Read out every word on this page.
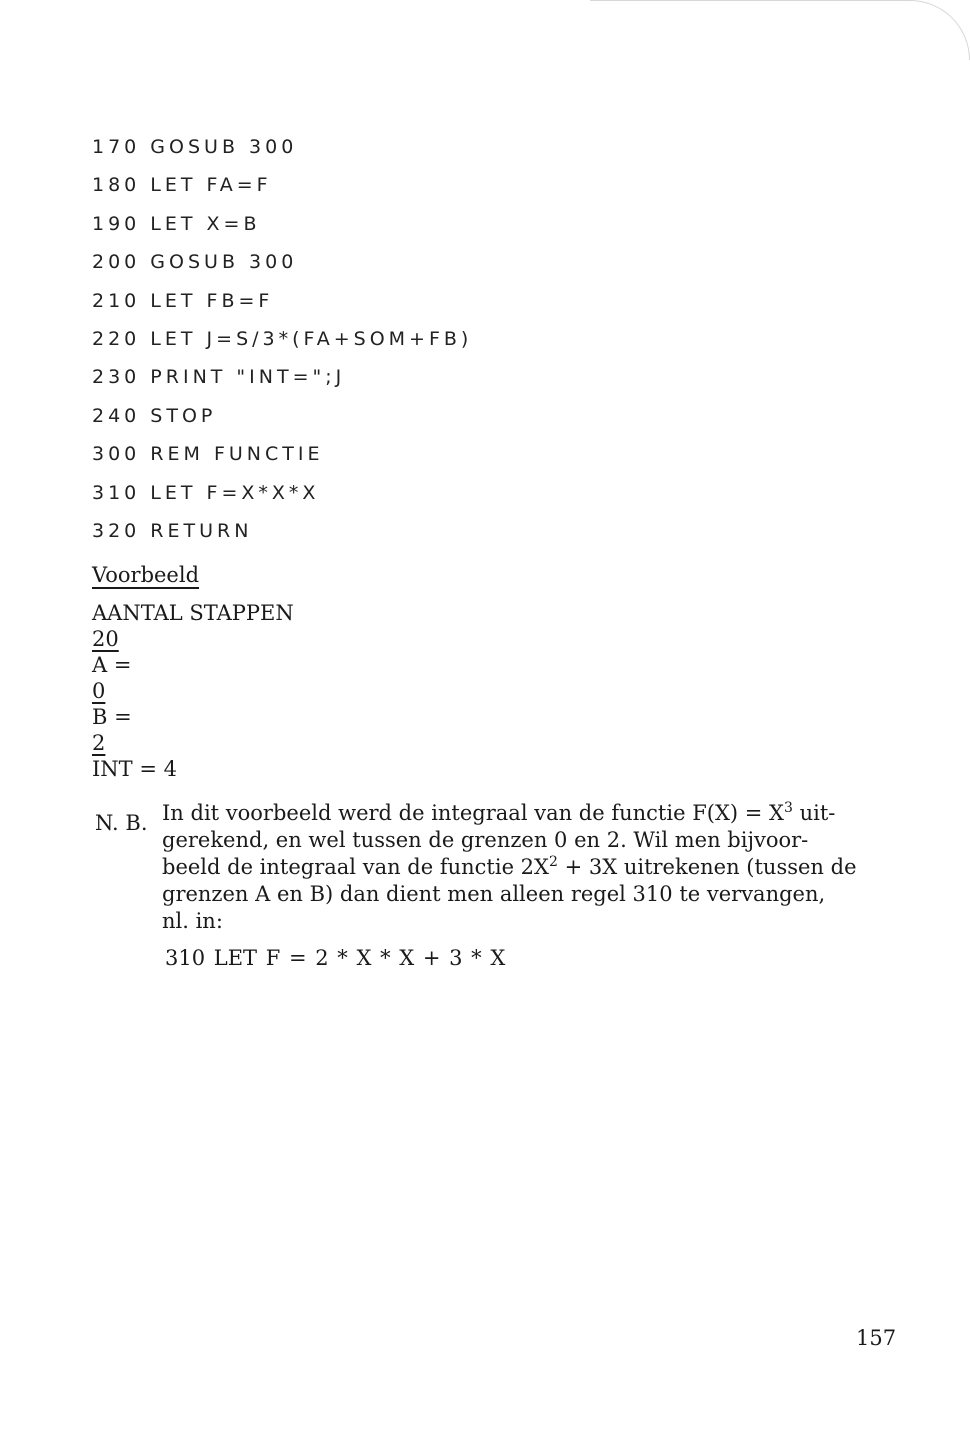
170 GOSUB 300
180 LET FA=F
190 LET X=B
200 GOSUB 300
210 LET FB=F
220 LET J=S/3*(FA+SOM+FB)
230 PRINT "INT=";J
240 STOP
300 REM FUNCTIE
310 LET F=X*X*X
320 RETURN
Voorbeeld
AANTAL STAPPEN
20
A =
0
B =
2
INT = 4
N. B. In dit voorbeeld werd de integraal van de functie $F(X) = X^3$ uit-
gerekend, en wel tussen de grenzen 0 en 2. Wil men bijvoor-
beeld de integraal van de functie $2X^2 + 3X$ uitrekenen (tussen de
grenzen A en B) dan dient men alleen regel 310 te vervangen,
nl. in:
310 LET F = 2 * X * X + 3 * X
157
